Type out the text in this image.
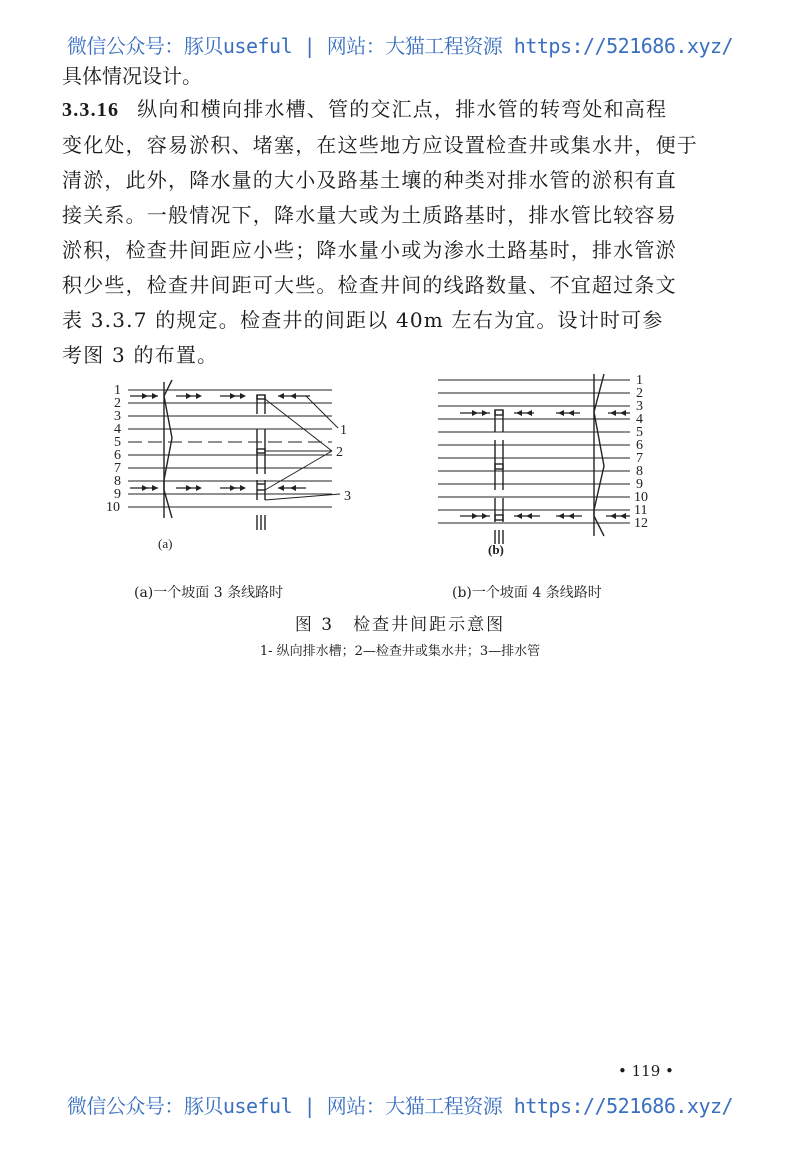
微信公众号：豚贝useful | 网站：大猫工程资源 https://521686.xyz/
具体情况设计。
3.3.16 纵向和横向排水槽、管的交汇点，排水管的转弯处和高程
变化处，容易淤积、堵塞，在这些地方应设置检查井或集水井，便于
清淤，此外，降水量的大小及路基土壤的种类对排水管的淤积有直
接关系。一般情况下，降水量大或为土质路基时，排水管比较容易
淤积，检查井间距应小些；降水量小或为渗水土路基时，排水管淤
积少些，检查井间距可大些。检查井间的线路数量、不宜超过条文
表 3.3.7 的规定。检查井的间距以 40m 左右为宜。设计时可参
考图 3 的布置。
1
2
3
4
5
6
7
8
9
10
1
2
3
(a)
1
2
3
4
5
6
7
8
9
10
11
12
(b)
(a)一个坡面 3 条线路时	(b)一个坡面 4 条线路时
图 3　检查井间距示意图
1- 纵向排水槽；2—检查井或集水井；3—排水管
• 119 •
微信公众号：豚贝useful | 网站：大猫工程资源 https://521686.xyz/
